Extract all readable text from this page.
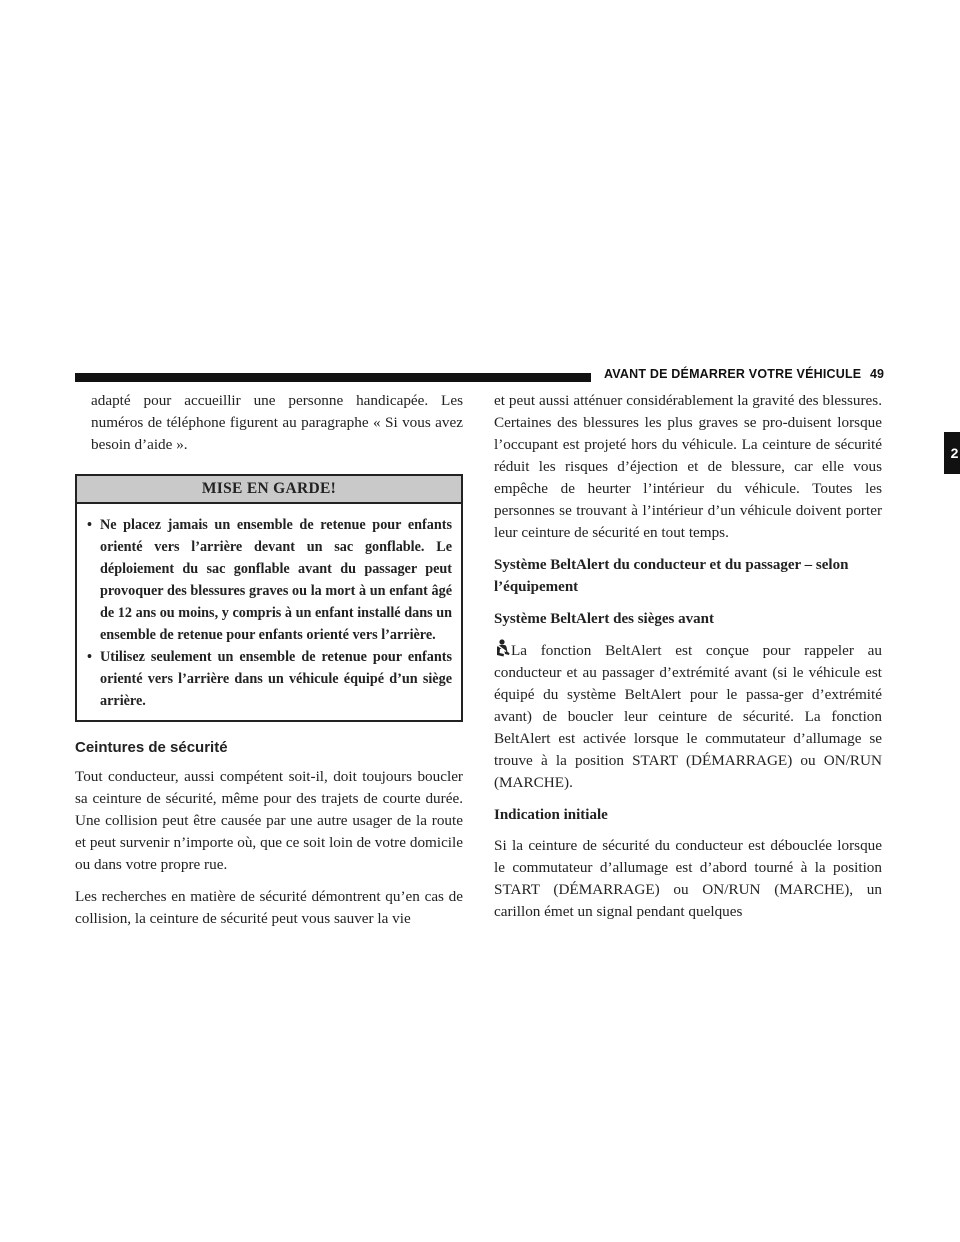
AVANT DE DÉMARRER VOTRE VÉHICULE 49
2

adapté pour accueillir une personne handicapée. Les numéros de téléphone figurent au paragraphe « Si vous avez besoin d’aide ».

MISE EN GARDE!
• Ne placez jamais un ensemble de retenue pour enfants orienté vers l’arrière devant un sac gonflable. Le déploiement du sac gonflable avant du passager peut provoquer des blessures graves ou la mort à un enfant âgé de 12 ans ou moins, y compris à un enfant installé dans un ensemble de retenue pour enfants orienté vers l’arrière.
• Utilisez seulement un ensemble de retenue pour enfants orienté vers l’arrière dans un véhicule équipé d’un siège arrière.
Ceintures de sécurité

Tout conducteur, aussi compétent soit-il, doit toujours boucler sa ceinture de sécurité, même pour des trajets de courte durée. Une collision peut être causée par une autre usager de la route et peut survenir n’importe où, que ce soit loin de votre domicile ou dans votre propre rue.

Les recherches en matière de sécurité démontrent qu’en cas de collision, la ceinture de sécurité peut vous sauver la vie

et peut aussi atténuer considérablement la gravité des blessures. Certaines des blessures les plus graves se pro-duisent lorsque l’occupant est projeté hors du véhicule. La ceinture de sécurité réduit les risques d’éjection et de blessure, car elle vous empêche de heurter l’intérieur du véhicule. Toutes les personnes se trouvant à l’intérieur d’un véhicule doivent porter leur ceinture de sécurité en tout temps.

Système BeltAlert du conducteur et du passager – selon l’équipement
Système BeltAlert des sièges avant

La fonction BeltAlert est conçue pour rappeler au conducteur et au passager d’extrémité avant (si le véhicule est équipé du système BeltAlert pour le passa-ger d’extrémité avant) de boucler leur ceinture de sécurité. La fonction BeltAlert est activée lorsque le commutateur d’allumage se trouve à la position START (DÉMARRAGE) ou ON/RUN (MARCHE).

Indication initiale

Si la ceinture de sécurité du conducteur est débouclée lorsque le commutateur d’allumage est d’abord tourné à la position START (DÉMARRAGE) ou ON/RUN (MARCHE), un carillon émet un signal pendant quelques
